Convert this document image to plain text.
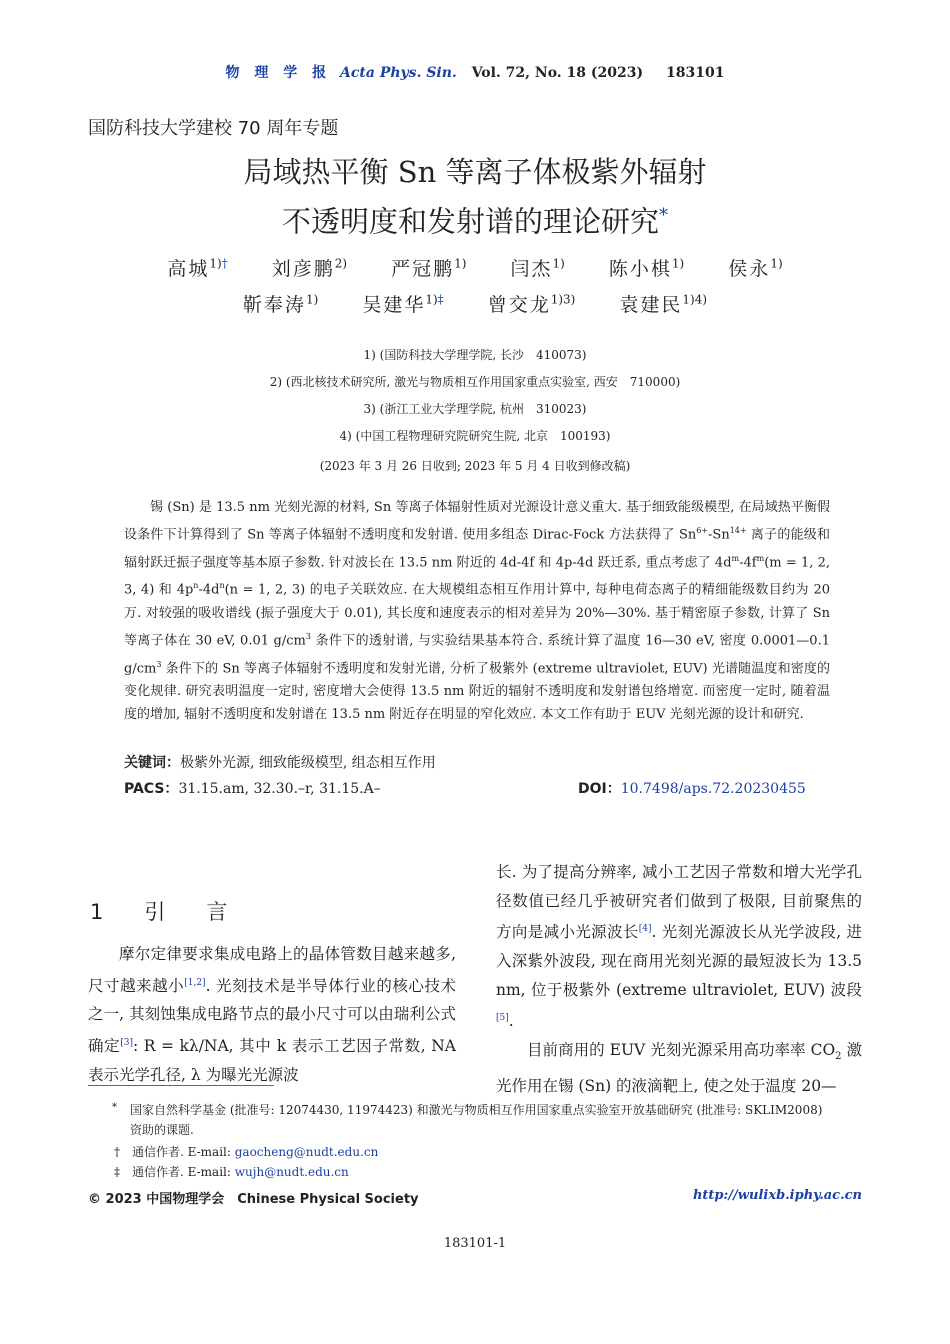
物 理 学 报 Acta Phys. Sin. Vol. 72, No. 18 (2023) 183101
国防科技大学建校 70 周年专题
局域热平衡 Sn 等离子体极紫外辐射
不透明度和发射谱的理论研究*
高城$^{1)\dagger}$ 刘彦鹏$^{2)}$ 严冠鹏$^{1)}$ 闫杰$^{1)}$ 陈小棋$^{1)}$ 侯永$^{1)}$
靳奉涛$^{1)}$ 吴建华$^{1)\ddagger}$ 曾交龙$^{1)3)}$ 袁建民$^{1)4)}$
1) (国防科技大学理学院, 长沙　410073)
2) (西北核技术研究所, 激光与物质相互作用国家重点实验室, 西安　710000)
3) (浙江工业大学理学院, 杭州　310023)
4) (中国工程物理研究院研究生院, 北京　100193)
(2023 年 3 月 26 日收到; 2023 年 5 月 4 日收到修改稿)
锡 (Sn) 是 13.5 nm 光刻光源的材料, Sn 等离子体辐射性质对光源设计意义重大. 基于细致能级模型, 在局域热平衡假设条件下计算得到了 Sn 等离子体辐射不透明度和发射谱. 使用多组态 Dirac-Fock 方法获得了 $Sn^{6+}-Sn^{14+}$ 离子的能级和辐射跃迁振子强度等基本原子参数. 针对波长在 13.5 nm 附近的 4d-4f 和 4p-4d 跃迁系, 重点考虑了 $4d^m-4f^m(m = 1$, 2, 3, 4) 和 $4p^n-4d^n(n = 1$, 2, 3) 的电子关联效应. 在大规模组态相互作用计算中, 每种电荷态离子的精细能级数目约为 20 万. 对较强的吸收谱线 (振子强度大于 0.01), 其长度和速度表示的相对差异为 20%—30%. 基于精密原子参数, 计算了 Sn 等离子体在 30 eV, 0.01 $g/cm^3$ 条件下的透射谱, 与实验结果基本符合. 系统计算了温度 16—30 eV, 密度 0.0001—0.1 $g/cm^3$ 条件下的 Sn 等离子体辐射不透明度和发射光谱, 分析了极紫外 (extreme ultraviolet, EUV) 光谱随温度和密度的变化规律. 研究表明温度一定时, 密度增大会使得 13.5 nm 附近的辐射不透明度和发射谱包络增宽. 而密度一定时, 随着温度的增加, 辐射不透明度和发射谱在 13.5 nm 附近存在明显的窄化效应. 本文工作有助于 EUV 光刻光源的设计和研究.
关键词：极紫外光源, 细致能级模型, 组态相互作用
PACS：31.15.am, 32.30.–r, 31.15.A–	DOI：10.7498/aps.72.20230455
1　引　言
摩尔定律要求集成电路上的晶体管数目越来越多, 尺寸越来越小[1,2]. 光刻技术是半导体行业的核心技术之一, 其刻蚀集成电路节点的最小尺寸可以由瑞利公式确定[3]: R = kλ/NA, 其中 k 表示工艺因子常数, NA 表示光学孔径, λ 为曝光光源波
长. 为了提高分辨率, 减小工艺因子常数和增大光学孔径数值已经几乎被研究者们做到了极限, 目前聚焦的方向是减小光源波长[4]. 光刻光源波长从光学波段, 进入深紫外波段, 现在商用光刻光源的最短波长为 13.5 nm, 位于极紫外 (extreme ultraviolet, EUV) 波段[5].
目前商用的 EUV 光刻光源采用高功率率 $CO_2$ 激光作用在锡 (Sn) 的液滴靶上, 使之处于温度 20—
*	国家自然科学基金 (批准号: 12074430, 11974423) 和激光与物质相互作用国家重点实验室开放基础研究 (批准号: SKLIM2008)
资助的课题.
†　 通信作者. E-mail: gaocheng@nudt.edu.cn
‡　 通信作者. E-mail: wujh@nudt.edu.cn
© 2023 中国物理学会　Chinese Physical Society	http://wulixb.iphy.ac.cn
183101-1
